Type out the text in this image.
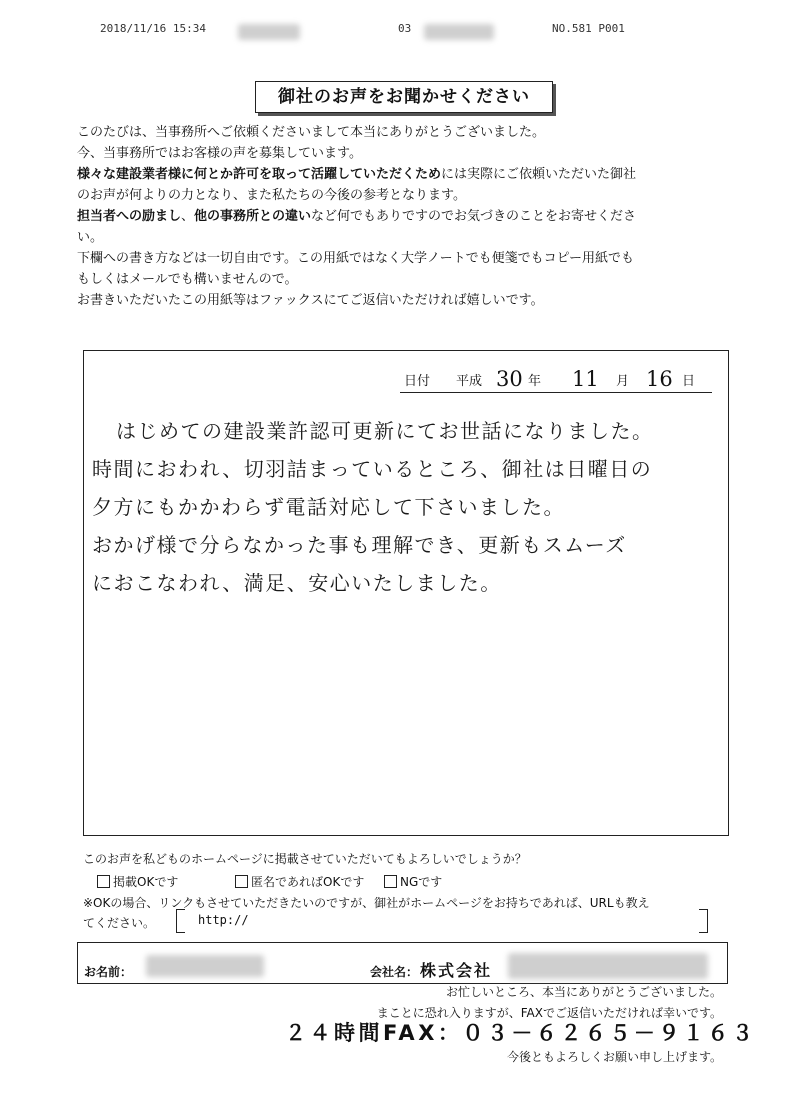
2018/11/16 15:34	03	NO.581 P001
御社のお声をお聞かせください
このたびは、当事務所へご依頼くださいまして本当にありがとうございました。
今、当事務所ではお客様の声を募集しています。
様々な建設業者様に何とか許可を取って活躍していただくためには実際にご依頼いただいた御社
のお声が何よりの力となり、また私たちの今後の参考となります。
担当者への励まし、他の事務所との違いなど何でもありですのでお気づきのことをお寄せくださ
い。
下欄への書き方などは一切自由です。この用紙ではなく大学ノートでも便箋でもコピー用紙でも
もしくはメールでも構いませんので。
お書きいただいたこの用紙等はファックスにてご返信いただければ嬉しいです。
日付 平成 30 年 11 月 16 日
はじめての建設業許認可更新にてお世話になりました。
時間におわれ、切羽詰まっているところ、御社は日曜日の
夕方にもかかわらず電話対応して下さいました。
おかげ様で分らなかった事も理解でき、更新もスムーズ
におこなわれ、満足、安心いたしました。
このお声を私どものホームページに掲載させていただいてもよろしいでしょうか？
掲載OKです	匿名であればOKです	NGです
※OKの場合、リンクもさせていただきたいのですが、御社がホームページをお持ちであれば、URLも教え
てください。	http://
お名前：	会社名： 株式会社
お忙しいところ、本当にありがとうございました。
まことに恐れ入りますが、FAXでご返信いただければ幸いです。
２４時間FAX：０３－６２６５－９１６３
今後ともよろしくお願い申し上げます。
